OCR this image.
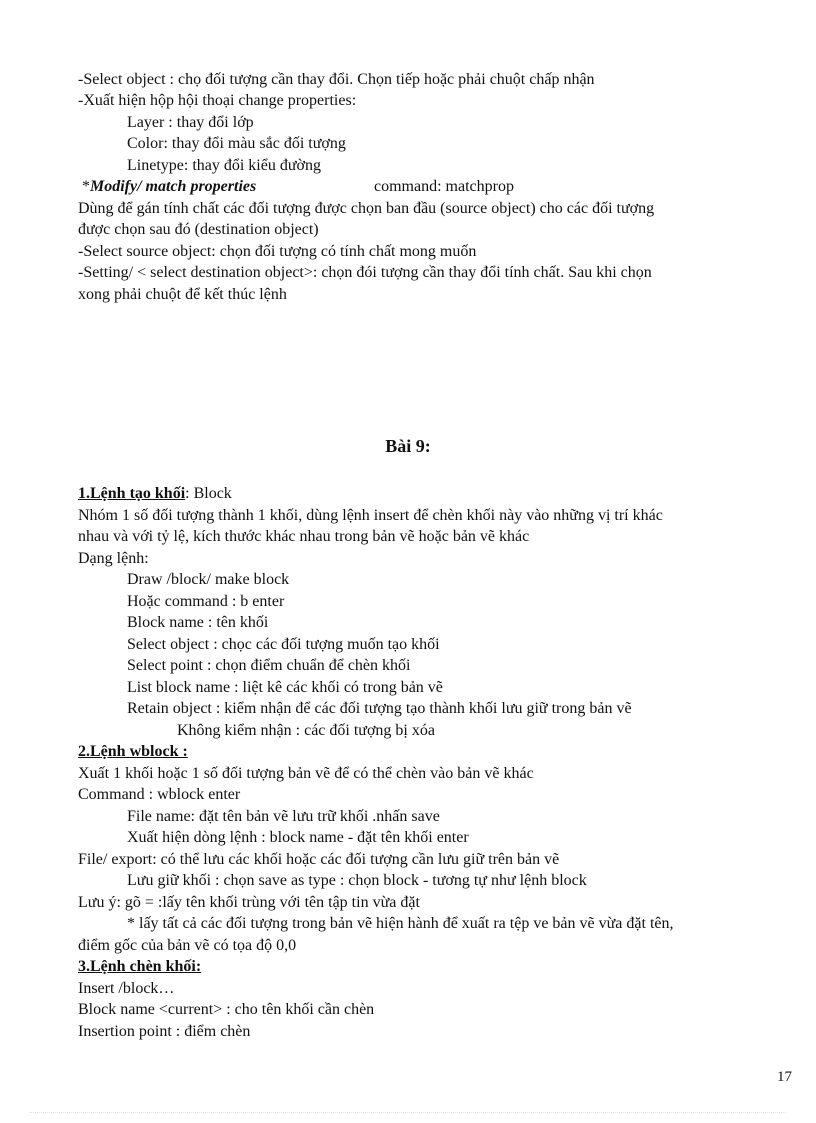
-Select object : chọ đối tượng cần thay đổi. Chọn tiếp hoặc phải chuột chấp nhận
-Xuất hiện hộp hội thoại change properties:
Layer : thay đổi lớp
Color: thay đổi màu sắc đối tượng
Linetype: thay đổi kiểu đường
*Modify/ match properties	command: matchprop
Dùng để gán tính chất các đối tượng được chọn ban đầu (source object) cho các đối tượng
được chọn sau đó (destination object)
-Select source object: chọn đối tượng có tính chất mong muốn
-Setting/ < select destination object>: chọn đói tượng cần thay đổi tính chất. Sau khi chọn
xong phải chuột để kết thúc lệnh
Bài 9:
1.Lệnh tạo khối: Block
Nhóm 1 số đối tượng thành 1 khối, dùng lệnh insert để chèn khối này vào những vị trí khác
nhau và với tỷ lệ, kích thước khác nhau trong bản vẽ hoặc bản vẽ khác
Dạng lệnh:
Draw /block/ make block
Hoặc command : b enter
Block name : tên khối
Select object : chọc các đối tượng muốn tạo khối
Select point : chọn điểm chuẩn để chèn khối
List block name : liệt kê các khối có trong bản vẽ
Retain object : kiểm nhận để các đối tượng tạo thành khối lưu giữ trong bản vẽ
Không kiểm nhận : các đối tượng bị xóa
2.Lệnh wblock :
Xuất 1 khối hoặc 1 số đối tượng bản vẽ để có thể chèn vào bản vẽ khác
Command : wblock enter
File name: đặt tên bản vẽ lưu trữ khối .nhấn save
Xuất hiện dòng lệnh : block name - đặt tên khối enter
File/ export: có thể lưu các khối hoặc các đối tượng cần lưu giữ trên bản vẽ
Lưu giữ khối : chọn save as type : chọn block - tương tự như lệnh block
Lưu ý: gõ = :lấy tên khối trùng với tên tập tin vừa đặt
* lấy tất cả các đối tượng trong bản vẽ hiện hành để xuất ra tệp ve bản vẽ vừa đặt tên,
điểm gốc của bản vẽ có tọa độ 0,0
3.Lệnh chèn khối:
Insert /block…
Block name <current> : cho tên khối cần chèn
Insertion point : điểm chèn
17
